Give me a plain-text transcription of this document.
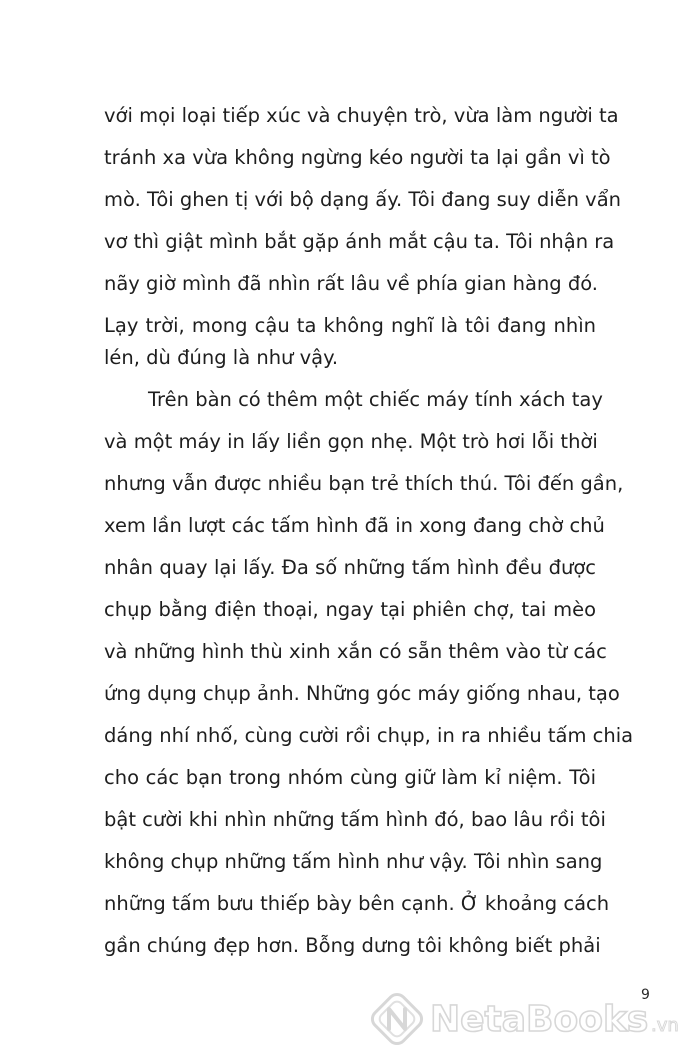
với mọi loại tiếp xúc và chuyện trò, vừa làm người ta
tránh xa vừa không ngừng kéo người ta lại gần vì tò
mò. Tôi ghen tị với bộ dạng ấy. Tôi đang suy diễn vẩn
vơ thì giật mình bắt gặp ánh mắt cậu ta. Tôi nhận ra
nãy giờ mình đã nhìn rất lâu về phía gian hàng đó.
Lạy trời, mong cậu ta không nghĩ là tôi đang nhìn
lén, dù đúng là như vậy.
Trên bàn có thêm một chiếc máy tính xách tay
và một máy in lấy liền gọn nhẹ. Một trò hơi lỗi thời
nhưng vẫn được nhiều bạn trẻ thích thú. Tôi đến gần,
xem lần lượt các tấm hình đã in xong đang chờ chủ
nhân quay lại lấy. Đa số những tấm hình đều được
chụp bằng điện thoại, ngay tại phiên chợ, tai mèo
và những hình thù xinh xắn có sẵn thêm vào từ các
ứng dụng chụp ảnh. Những góc máy giống nhau, tạo
dáng nhí nhố, cùng cười rồi chụp, in ra nhiều tấm chia
cho các bạn trong nhóm cùng giữ làm kỉ niệm. Tôi
bật cười khi nhìn những tấm hình đó, bao lâu rồi tôi
không chụp những tấm hình như vậy. Tôi nhìn sang
những tấm bưu thiếp bày bên cạnh. Ở khoảng cách
gần chúng đẹp hơn. Bỗng dưng tôi không biết phải
9
NetaBooks .vn
